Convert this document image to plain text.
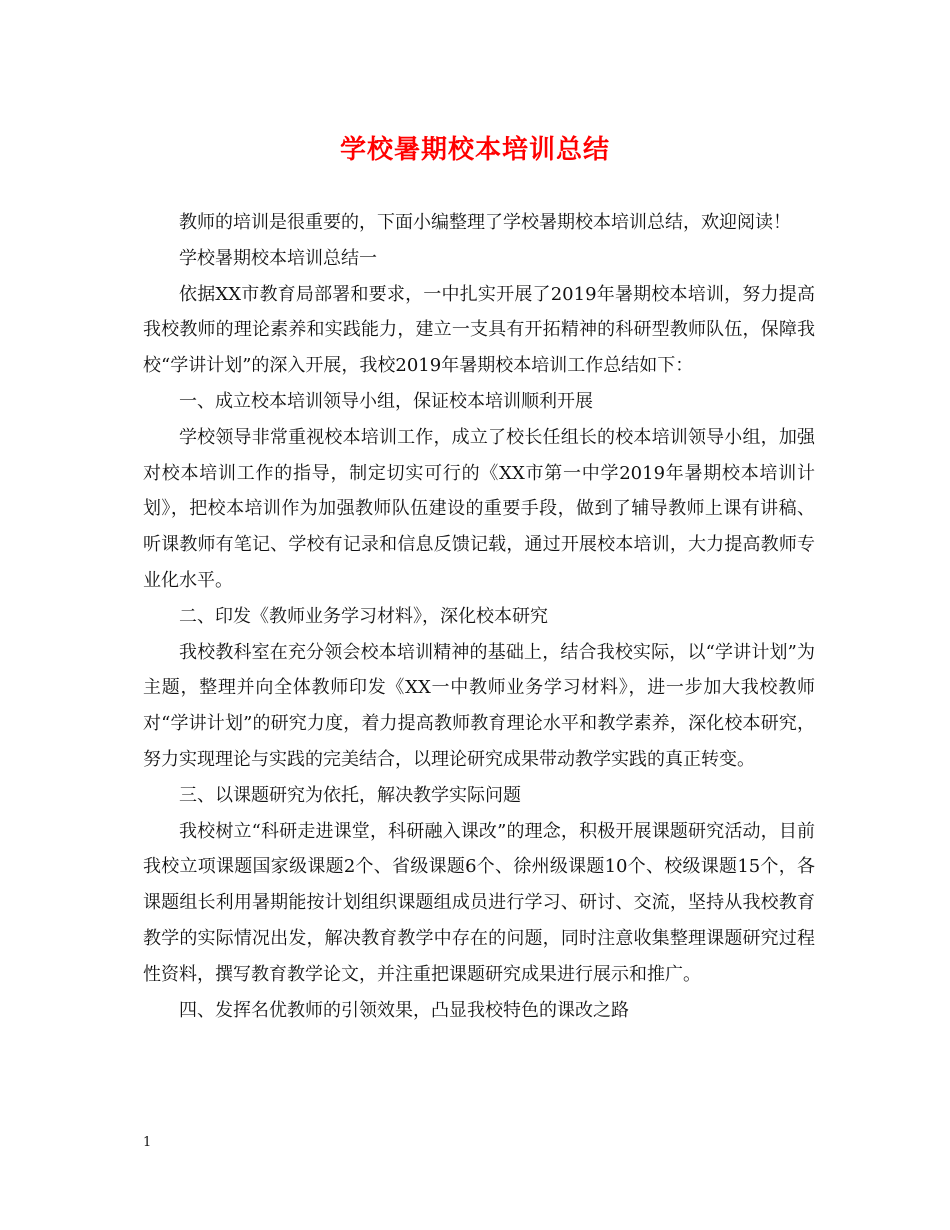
学校暑期校本培训总结

教师的培训是很重要的，下面小编整理了学校暑期校本培训总结，欢迎阅读！

学校暑期校本培训总结一

依据XX市教育局部署和要求，一中扎实开展了2019年暑期校本培训，努力提高我校教师的理论素养和实践能力，建立一支具有开拓精神的科研型教师队伍，保障我校“学讲计划”的深入开展，我校2019年暑期校本培训工作总结如下：

一、成立校本培训领导小组，保证校本培训顺利开展

学校领导非常重视校本培训工作，成立了校长任组长的校本培训领导小组，加强对校本培训工作的指导，制定切实可行的《XX市第一中学2019年暑期校本培训计划》，把校本培训作为加强教师队伍建设的重要手段，做到了辅导教师上课有讲稿、听课教师有笔记、学校有记录和信息反馈记载，通过开展校本培训，大力提高教师专业化水平。

二、印发《教师业务学习材料》，深化校本研究

我校教科室在充分领会校本培训精神的基础上，结合我校实际，以“学讲计划”为主题，整理并向全体教师印发《XX一中教师业务学习材料》，进一步加大我校教师对“学讲计划”的研究力度，着力提高教师教育理论水平和教学素养，深化校本研究，努力实现理论与实践的完美结合，以理论研究成果带动教学实践的真正转变。

三、以课题研究为依托，解决教学实际问题

我校树立“科研走进课堂，科研融入课改”的理念，积极开展课题研究活动，目前我校立项课题国家级课题2个、省级课题6个、徐州级课题10个、校级课题15个，各课题组长利用暑期能按计划组织课题组成员进行学习、研讨、交流，坚持从我校教育教学的实际情况出发，解决教育教学中存在的问题，同时注意收集整理课题研究过程性资料，撰写教育教学论文，并注重把课题研究成果进行展示和推广。

四、发挥名优教师的引领效果，凸显我校特色的课改之路

1
